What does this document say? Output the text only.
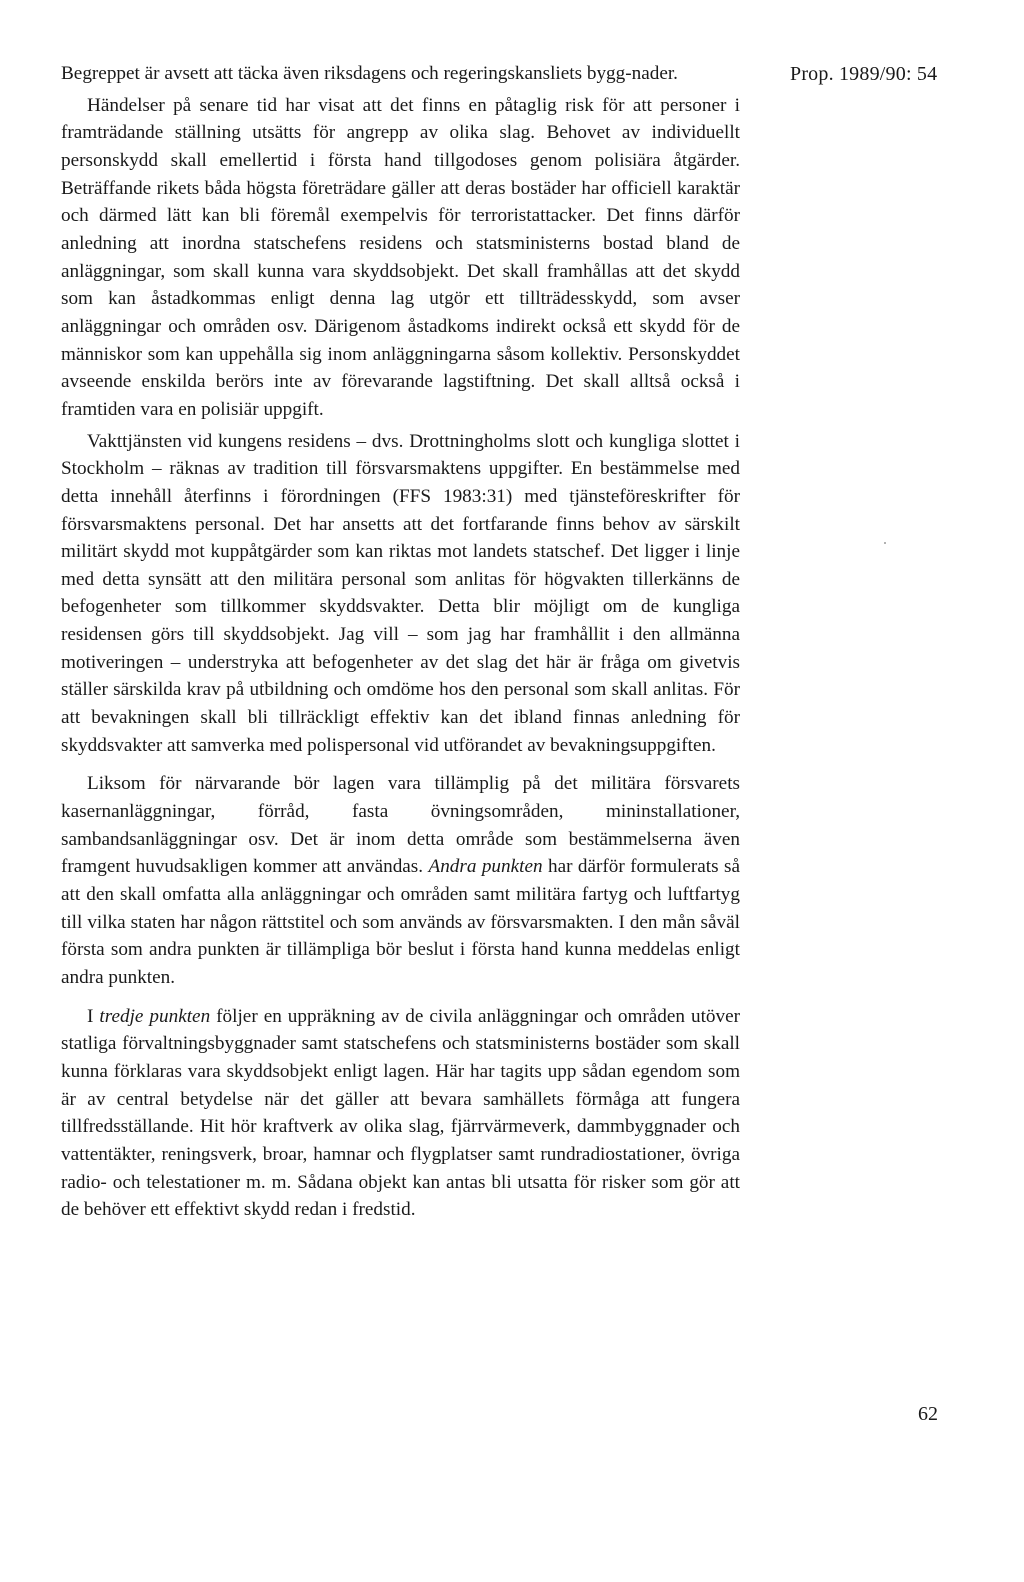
Prop. 1989/90: 54

Begreppet är avsett att täcka även riksdagens och regeringskansliets bygg-nader.

Händelser på senare tid har visat att det finns en påtaglig risk för att personer i framträdande ställning utsätts för angrepp av olika slag. Behovet av individuellt personskydd skall emellertid i första hand tillgodoses genom polisiära åtgärder. Beträffande rikets båda högsta företrädare gäller att deras bostäder har officiell karaktär och därmed lätt kan bli föremål exempelvis för terroristattacker. Det finns därför anledning att inordna statschefens residens och statsministerns bostad bland de anläggningar, som skall kunna vara skyddsobjekt. Det skall framhållas att det skydd som kan åstadkommas enligt denna lag utgör ett tillträdesskydd, som avser anläggningar och områden osv. Därigenom åstadkoms indirekt också ett skydd för de människor som kan uppehålla sig inom anläggningarna såsom kollektiv. Personskyddet avseende enskilda berörs inte av förevarande lagstiftning. Det skall alltså också i framtiden vara en polisiär uppgift.

Vakttjänsten vid kungens residens – dvs. Drottningholms slott och kungliga slottet i Stockholm – räknas av tradition till försvarsmaktens uppgifter. En bestämmelse med detta innehåll återfinns i förordningen (FFS 1983:31) med tjänsteföreskrifter för försvarsmaktens personal. Det har ansetts att det fortfarande finns behov av särskilt militärt skydd mot kuppåtgärder som kan riktas mot landets statschef. Det ligger i linje med detta synsätt att den militära personal som anlitas för högvakten tillerkänns de befogenheter som tillkommer skyddsvakter. Detta blir möjligt om de kungliga residensen görs till skyddsobjekt. Jag vill – som jag har framhållit i den allmänna motiveringen – understryka att befogenheter av det slag det här är fråga om givetvis ställer särskilda krav på utbildning och omdöme hos den personal som skall anlitas. För att bevakningen skall bli tillräckligt effektiv kan det ibland finnas anledning för skyddsvakter att samverka med polispersonal vid utförandet av bevakningsuppgiften.

Liksom för närvarande bör lagen vara tillämplig på det militära försvarets kasernanläggningar, förråd, fasta övningsområden, mininstallationer, sambandsanläggningar osv. Det är inom detta område som bestämmelserna även framgent huvudsakligen kommer att användas. Andra punkten har därför formulerats så att den skall omfatta alla anläggningar och områden samt militära fartyg och luftfartyg till vilka staten har någon rättstitel och som används av försvarsmakten. I den mån såväl första som andra punkten är tillämpliga bör beslut i första hand kunna meddelas enligt andra punkten.

I tredje punkten följer en uppräkning av de civila anläggningar och områden utöver statliga förvaltningsbyggnader samt statschefens och statsministerns bostäder som skall kunna förklaras vara skyddsobjekt enligt lagen. Här har tagits upp sådan egendom som är av central betydelse när det gäller att bevara samhällets förmåga att fungera tillfredsställande. Hit hör kraftverk av olika slag, fjärrvärmeverk, dammbyggnader och vattentäkter, reningsverk, broar, hamnar och flygplatser samt rundradiostationer, övriga radio- och telestationer m. m. Sådana objekt kan antas bli utsatta för risker som gör att de behöver ett effektivt skydd redan i fredstid.

62
